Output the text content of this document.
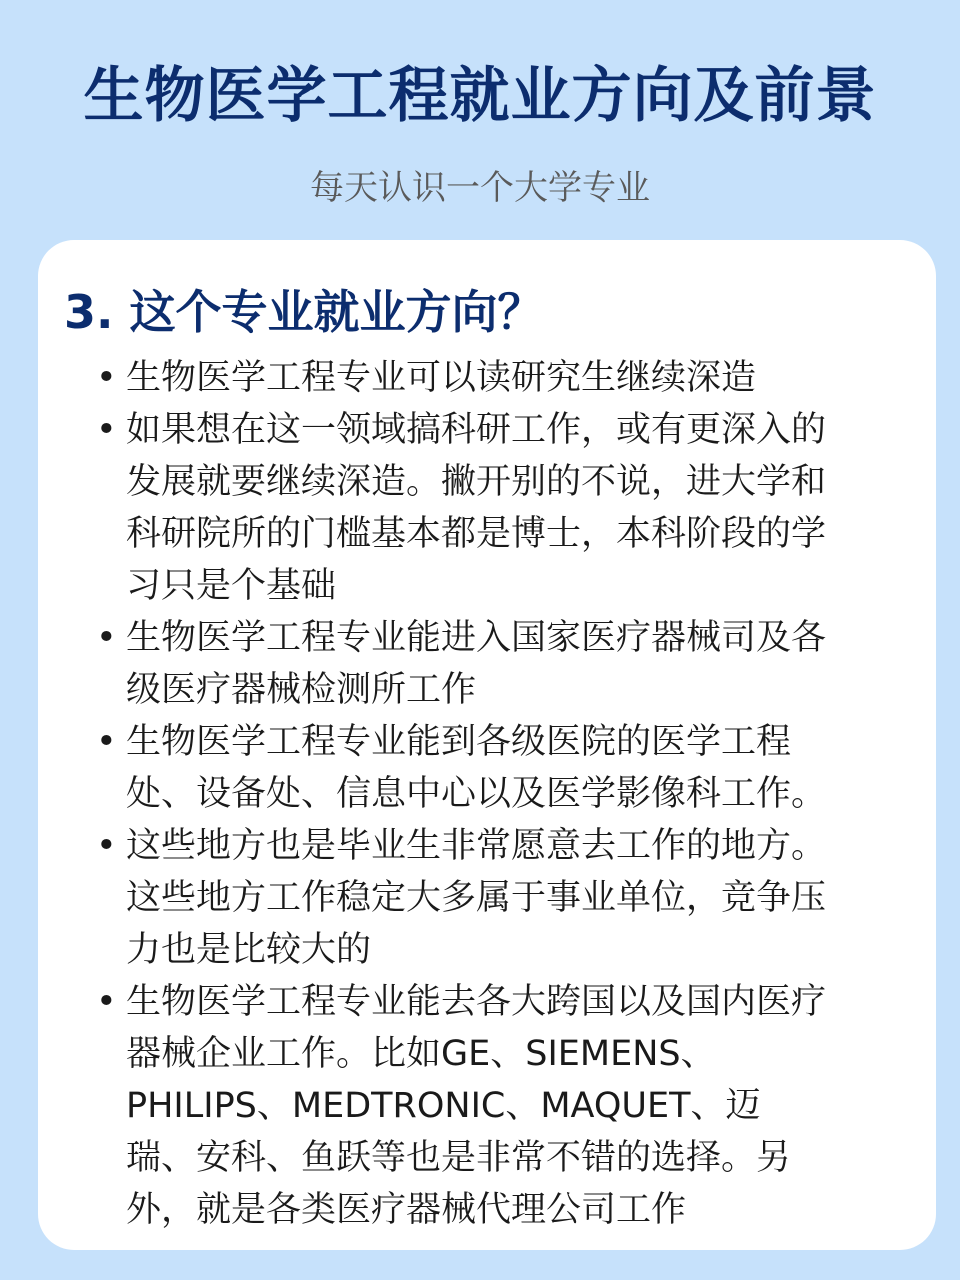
生物医学工程就业方向及前景
每天认识一个大学专业
3. 这个专业就业方向？
• 生物医学工程专业可以读研究生继续深造
• 如果想在这一领域搞科研工作，或有更深入的
发展就要继续深造。撇开别的不说，进大学和
科研院所的门槛基本都是博士，本科阶段的学
习只是个基础
• 生物医学工程专业能进入国家医疗器械司及各
级医疗器械检测所工作
• 生物医学工程专业能到各级医院的医学工程
处、设备处、信息中心以及医学影像科工作。
• 这些地方也是毕业生非常愿意去工作的地方。
这些地方工作稳定大多属于事业单位，竞争压
力也是比较大的
• 生物医学工程专业能去各大跨国以及国内医疗
器械企业工作。比如GE、SIEMENS、
PHILIPS、MEDTRONIC、MAQUET、迈
瑞、安科、鱼跃等也是非常不错的选择。另
外，就是各类医疗器械代理公司工作
